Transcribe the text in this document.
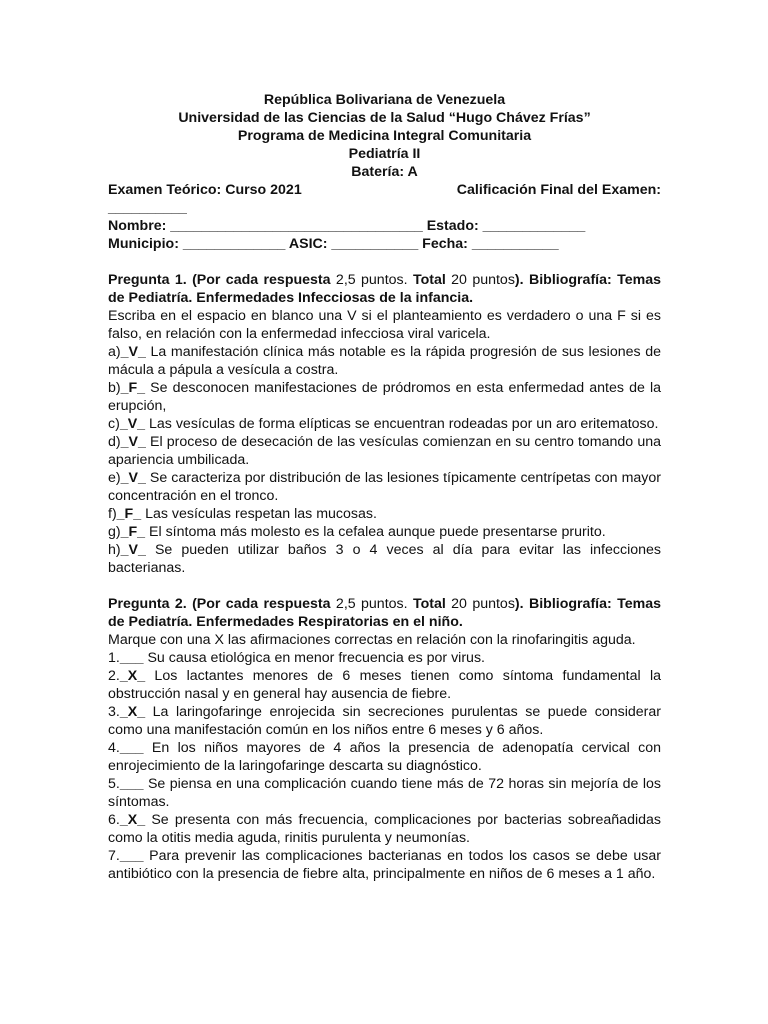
República Bolivariana de Venezuela
Universidad de las Ciencias de la Salud “Hugo Chávez Frías”
Programa de Medicina Integral Comunitaria
Pediatría II
Batería: A
Examen Teórico: Curso 2021	Calificación Final del Examen:
__________
Nombre: ________________________________ Estado: _____________
Municipio: _____________ ASIC: ___________ Fecha: ___________
Pregunta 1. (Por cada respuesta 2,5 puntos. Total 20 puntos). Bibliografía: Temas de Pediatría. Enfermedades Infecciosas de la infancia.
Escriba en el espacio en blanco una V si el planteamiento es verdadero o una F si es falso, en relación con la enfermedad infecciosa viral varicela.
a)_V_ La manifestación clínica más notable es la rápida progresión de sus lesiones de mácula a pápula a vesícula a costra.
b)_F_ Se desconocen manifestaciones de pródromos en esta enfermedad antes de la erupción,
c)_V_ Las vesículas de forma elípticas se encuentran rodeadas por un aro eritematoso.
d)_V_ El proceso de desecación de las vesículas comienzan en su centro tomando una apariencia umbilicada.
e)_V_ Se caracteriza por distribución de las lesiones típicamente centrípetas con mayor concentración en el tronco.
f)_F_ Las vesículas respetan las mucosas.
g)_F_ El síntoma más molesto es la cefalea aunque puede presentarse prurito.
h)_V_ Se pueden utilizar baños 3 o 4 veces al día para evitar las infecciones bacterianas.
Pregunta 2. (Por cada respuesta 2,5 puntos. Total 20 puntos). Bibliografía: Temas de Pediatría. Enfermedades Respiratorias en el niño.
Marque con una X las afirmaciones correctas en relación con la rinofaringitis aguda.
1.___ Su causa etiológica en menor frecuencia es por virus.
2._X_ Los lactantes menores de 6 meses tienen como síntoma fundamental la obstrucción nasal y en general hay ausencia de fiebre.
3._X_ La laringofaringe enrojecida sin secreciones purulentas se puede considerar como una manifestación común en los niños entre 6 meses y 6 años.
4.___ En los niños mayores de 4 años la presencia de adenopatía cervical con enrojecimiento de la laringofaringe descarta su diagnóstico.
5.___ Se piensa en una complicación cuando tiene más de 72 horas sin mejoría de los síntomas.
6._X_ Se presenta con más frecuencia, complicaciones por bacterias sobreañadidas como la otitis media aguda, rinitis purulenta y neumonías.
7.___ Para prevenir las complicaciones bacterianas en todos los casos se debe usar antibiótico con la presencia de fiebre alta, principalmente en niños de 6 meses a 1 año.
